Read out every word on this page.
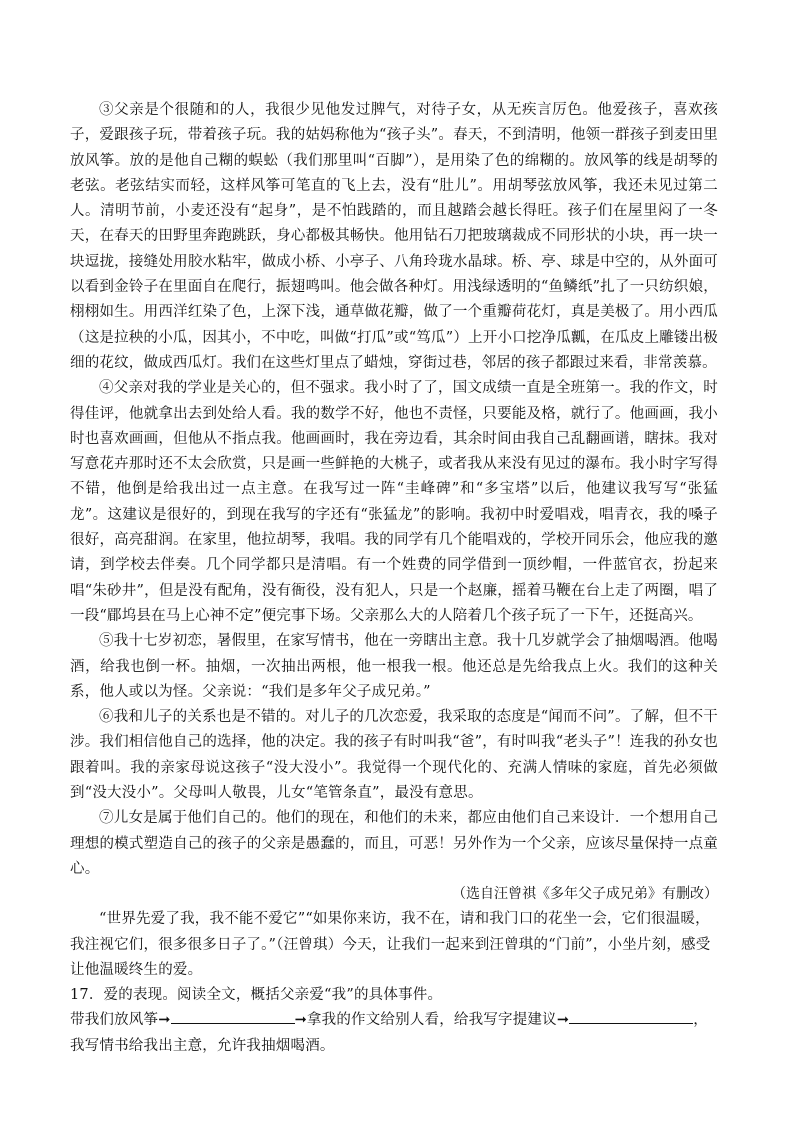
③父亲是个很随和的人，我很少见他发过脾气，对待子女，从无疾言厉色。他爱孩子，喜欢孩子，爱跟孩子玩，带着孩子玩。我的姑妈称他为“孩子头”。春天，不到清明，他领一群孩子到麦田里放风筝。放的是他自己糊的蜈蚣（我们那里叫“百脚”），是用染了色的绵糊的。放风筝的线是胡琴的老弦。老弦结实而轻，这样风筝可笔直的飞上去，没有“肚儿”。用胡琴弦放风筝，我还未见过第二人。清明节前，小麦还没有“起身”，是不怕践踏的，而且越踏会越长得旺。孩子们在屋里闷了一冬天，在春天的田野里奔跑跳跃，身心都极其畅快。他用钻石刀把玻璃裁成不同形状的小块，再一块一块逗拢，接缝处用胶水粘牢，做成小桥、小亭子、八角玲珑水晶球。桥、亭、球是中空的，从外面可以看到金铃子在里面自在爬行，振翅鸣叫。他会做各种灯。用浅绿透明的“鱼鳞纸”扎了一只纺织娘，栩栩如生。用西洋红染了色，上深下浅，通草做花瓣，做了一个重瓣荷花灯，真是美极了。用小西瓜（这是拉秧的小瓜，因其小，不中吃，叫做“打瓜”或“笃瓜”）上开小口挖净瓜瓤，在瓜皮上雕镂出极细的花纹，做成西瓜灯。我们在这些灯里点了蜡烛，穿街过巷，邻居的孩子都跟过来看，非常羡慕。

④父亲对我的学业是关心的，但不强求。我小时了了，国文成绩一直是全班第一。我的作文，时得佳评，他就拿出去到处给人看。我的数学不好，他也不责怪，只要能及格，就行了。他画画，我小时也喜欢画画，但他从不指点我。他画画时，我在旁边看，其余时间由我自己乱翻画谱，瞎抹。我对写意花卉那时还不太会欣赏，只是画一些鲜艳的大桃子，或者我从来没有见过的瀑布。我小时字写得不错，他倒是给我出过一点主意。在我写过一阵“圭峰碑”和“多宝塔”以后，他建议我写写“张猛龙”。这建议是很好的，到现在我写的字还有“张猛龙”的影响。我初中时爱唱戏，唱青衣，我的嗓子很好，高亮甜润。在家里，他拉胡琴，我唱。我的同学有几个能唱戏的，学校开同乐会，他应我的邀请，到学校去伴奏。几个同学都只是清唱。有一个姓费的同学借到一顶纱帽，一件蓝官衣，扮起来唱“朱砂井”，但是没有配角，没有衙役，没有犯人，只是一个赵廉，摇着马鞭在台上走了两圈，唱了一段“郿坞县在马上心神不定”便完事下场。父亲那么大的人陪着几个孩子玩了一下午，还挺高兴。

⑤我十七岁初恋，暑假里，在家写情书，他在一旁瞎出主意。我十几岁就学会了抽烟喝酒。他喝酒，给我也倒一杯。抽烟，一次抽出两根，他一根我一根。他还总是先给我点上火。我们的这种关系，他人或以为怪。父亲说：“我们是多年父子成兄弟。”

⑥我和儿子的关系也是不错的。对儿子的几次恋爱，我采取的态度是“闻而不问”。了解，但不干涉。我们相信他自己的选择，他的决定。我的孩子有时叫我“爸”，有时叫我“老头子”！连我的孙女也跟着叫。我的亲家母说这孩子“没大没小”。我觉得一个现代化的、充满人情味的家庭，首先必须做到“没大没小”。父母叫人敬畏，儿女“笔管条直”，最没有意思。

⑦儿女是属于他们自己的。他们的现在，和他们的未来，都应由他们自己来设计．一个想用自己理想的模式塑造自己的孩子的父亲是愚蠢的，而且，可恶！另外作为一个父亲，应该尽量保持一点童心。

（选自汪曾祺《多年父子成兄弟》有删改）

“世界先爱了我，我不能不爱它”“如果你来访，我不在，请和我门口的花坐一会，它们很温暖，我注视它们，很多很多日子了。”（汪曾琪）今天，让我们一起来到汪曾琪的“门前”，小坐片刻，感受让他温暖终生的爱。

17．爱的表现。阅读全文，概括父亲爱“我”的具体事件。

带我们放风筝➞	➞拿我的作文给别人看，给我写字提建议➞	，我写情书给我出主意，允许我抽烟喝酒。
